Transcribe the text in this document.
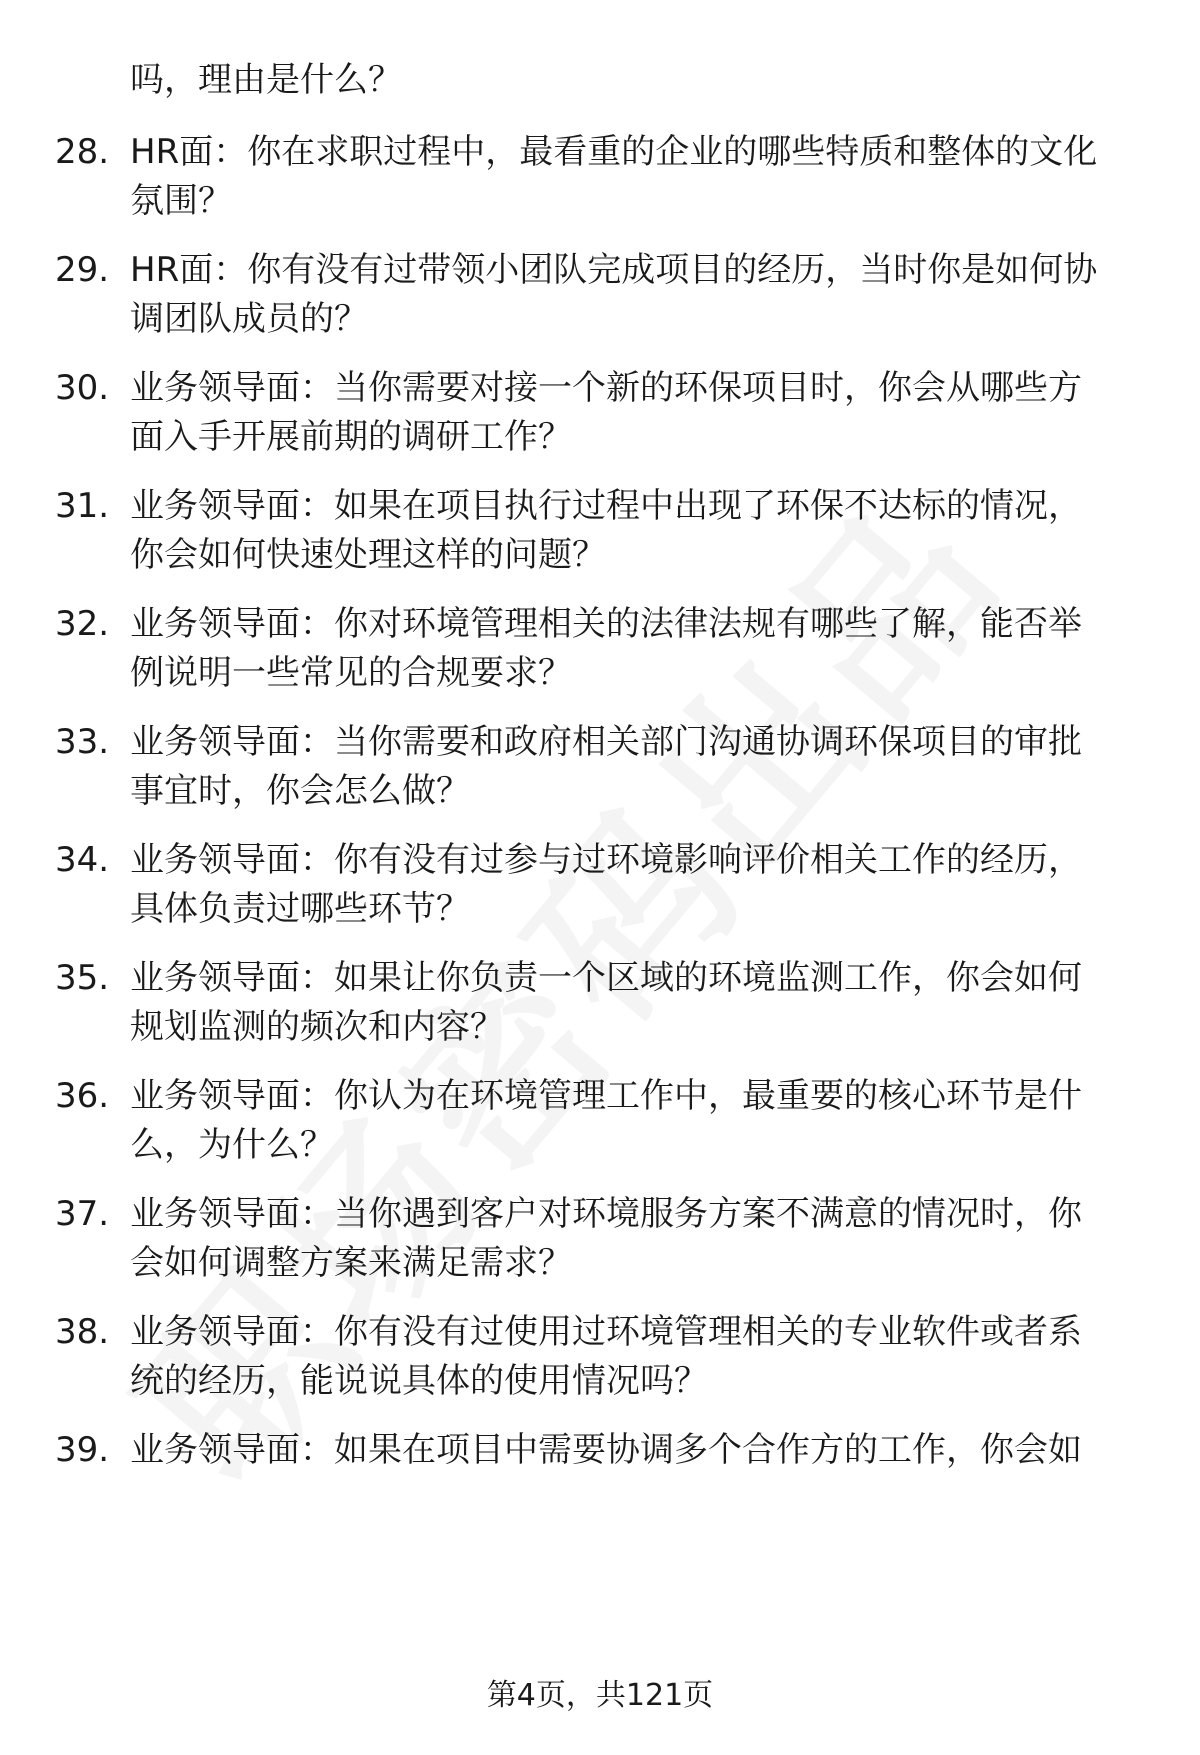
吗，理由是什么？
28. HR面：你在求职过程中，最看重的企业的哪些特质和整体的文化
氛围？
29. HR面：你有没有过带领小团队完成项目的经历，当时你是如何协
调团队成员的？
30. 业务领导面：当你需要对接一个新的环保项目时，你会从哪些方
面入手开展前期的调研工作？
31. 业务领导面：如果在项目执行过程中出现了环保不达标的情况，
你会如何快速处理这样的问题？
32. 业务领导面：你对环境管理相关的法律法规有哪些了解，能否举
例说明一些常见的合规要求？
33. 业务领导面：当你需要和政府相关部门沟通协调环保项目的审批
事宜时，你会怎么做？
34. 业务领导面：你有没有过参与过环境影响评价相关工作的经历，
具体负责过哪些环节？
35. 业务领导面：如果让你负责一个区域的环境监测工作，你会如何
规划监测的频次和内容？
36. 业务领导面：你认为在环境管理工作中，最重要的核心环节是什
么，为什么？
37. 业务领导面：当你遇到客户对环境服务方案不满意的情况时，你
会如何调整方案来满足需求？
38. 业务领导面：你有没有过使用过环境管理相关的专业软件或者系
统的经历，能说说具体的使用情况吗？
39. 业务领导面：如果在项目中需要协调多个合作方的工作，你会如
第4页，共121页
